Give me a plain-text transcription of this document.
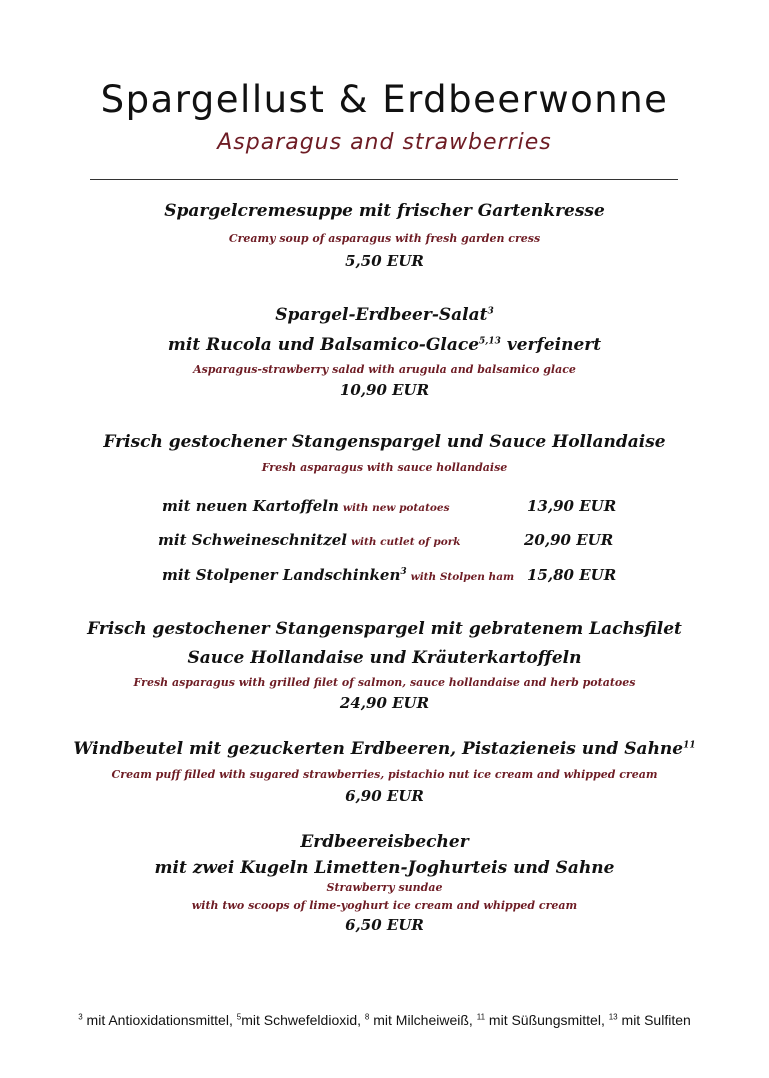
Spargellust & Erdbeerwonne
Asparagus and strawberries
Spargelcremesuppe mit frischer Gartenkresse
Creamy soup of asparagus with fresh garden cress
5,50 EUR
Spargel-Erdbeer-Salat$^3$
mit Rucola und Balsamico-Glace$^{5,13}$ verfeinert
Asparagus-strawberry salad with arugula and balsamico glace
10,90 EUR
Frisch gestochener Stangenspargel und Sauce Hollandaise
Fresh asparagus with sauce hollandaise
mit neuen Kartoffeln with new potatoes	13,90 EUR
mit Schweineschnitzel with cutlet of pork	20,90 EUR
mit Stolpener Landschinken$^3$ with Stolpen ham 15,80 EUR
Frisch gestochener Stangenspargel mit gebratenem Lachsfilet
Sauce Hollandaise und Kräuterkartoffeln
Fresh asparagus with grilled filet of salmon, sauce hollandaise and herb potatoes
24,90 EUR
Windbeutel mit gezuckerten Erdbeeren, Pistazieneis und Sahne$^{11}$
Cream puff filled with sugared strawberries, pistachio nut ice cream and whipped cream
6,90 EUR
Erdbeereisbecher
mit zwei Kugeln Limetten-Joghurteis und Sahne
Strawberry sundae
with two scoops of lime-yoghurt ice cream and whipped cream
6,50 EUR
$^3$ mit Antioxidationsmittel, $^5$mit Schwefeldioxid, $^8$ mit Milcheiweiß, $^{11}$ mit Süßungsmittel, $^{13}$ mit Sulfiten
